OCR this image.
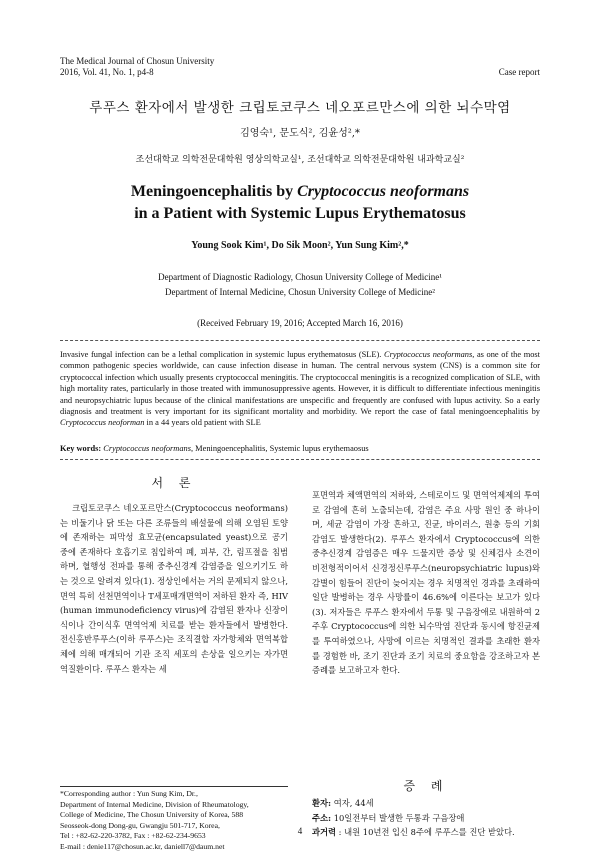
The Medical Journal of Chosun University
2016, Vol. 41, No. 1, p4-8	Case report
루푸스 환자에서 발생한 크립토코쿠스 네오포르만스에 의한 뇌수막염
김영숙¹, 문도식², 김윤성²,*
조선대학교 의학전문대학원 영상의학교실¹, 조선대학교 의학전문대학원 내과학교실²
Meningoencephalitis by Cryptococcus neoformans
in a Patient with Systemic Lupus Erythematosus
Young Sook Kim¹, Do Sik Moon², Yun Sung Kim²,*
Department of Diagnostic Radiology, Chosun University College of Medicine¹
Department of Internal Medicine, Chosun University College of Medicine²
(Received February 19, 2016; Accepted March 16, 2016)
Invasive fungal infection can be a lethal complication in systemic lupus erythematosus (SLE). Cryptococcus neoformans, as one of the most common pathogenic species worldwide, can cause infection disease in human. The central nervous system (CNS) is a common site for cryptococcal infection which usually presents cryptococcal meningitis. The cryptococcal meningitis is a recognized complication of SLE, with high mortality rates, particularly in those treated with immunosuppressive agents. However, it is difficult to differentiate infectious meningitis and neuropsychiatric lupus because of the clinical manifestations are unspecific and frequently are confused with lupus activity. So a early diagnosis and treatment is very important for its significant mortality and morbidity. We report the case of fatal meningoencephalitis by Cryptococcus neoforman in a 44 years old patient with SLE
Key words: Cryptococcus neoformans, Meningoencephalitis, Systemic lupus erythemaosus
서 론
크립토코쿠스 네오포르만스(Cryptococcus neoformans)는 비둘기나 닭 또는 다른 조류들의 배설물에 의해 오염된 토양에 존재하는 피막성 효모균(encapsulated yeast)으로 공기 중에 존재하다 호흡기로 침입하여 폐, 피부, 간, 림프절을 침범하며, 혈행성 전파를 통해 중추신경계 감염증을 일으키기도 하는 것으로 알려져 있다(1). 정상인에서는 거의 문제되지 않으나, 면역 특히 선천면역이나 T세포매개면역이 저하된 환자 즉, HIV (human immunodeficiency virus)에 감염된 환자나 신장이식이나 간이식후 면역억제 치료를 받는 환자들에서 발병한다. 전신홍반루푸스(이하 루푸스)는 조직결합 자가항체와 면역복합체에 의해 매개되어 기관 조직 세포의 손상을 일으키는 자가면역질환이다. 루푸스 환자는 세
포면역과 체액면역의 저하와, 스테로이드 및 면역억제제의 투여로 감염에 흔히 노출되는데, 감염은 주요 사망 원인 중 하나이며, 세균 감염이 가장 흔하고, 진균, 바이러스, 원충 등의 기회 감염도 발생한다(2). 루푸스 환자에서 Cryptococcus에 의한 중추신경계 감염증은 매우 드물지만 증상 및 신체검사 소견이 비전형적이어서 신경정신루푸스(neuropsychiatric lupus)와 감별이 힘들어 진단이 늦어지는 경우 치명적인 경과를 초래하여 일단 발병하는 경우 사망률이 46.6%에 이른다는 보고가 있다(3). 저자들은 루푸스 환자에서 두통 및 구음장애로 내원하여 2주후 Cryptococcus에 의한 뇌수막염 진단과 동시에 항진균제를 투여하였으나, 사망에 이르는 치명적인 결과를 초래한 환자를 경험한 바, 조기 진단과 조기 치료의 중요함을 강조하고자 본 증례를 보고하고자 한다.
증 례
환자: 여자, 44세
주소: 10일전부터 발생한 두통과 구음장애
과거력 : 내원 10년전 입신 8주에 루푸스를 진단 받았다.
*Corresponding author : Yun Sung Kim, Dr.,
Department of Internal Medicine, Division of Rheumatology,
College of Medicine, The Chosun University of Korea, 588
Seosseok-dong Dong-gu, Gwangju 501-717, Korea,
Tel : +82-62-220-3782, Fax : +82-62-234-9653
E-mail : denie117@chosun.ac.kr, daniell7@daum.net
4
